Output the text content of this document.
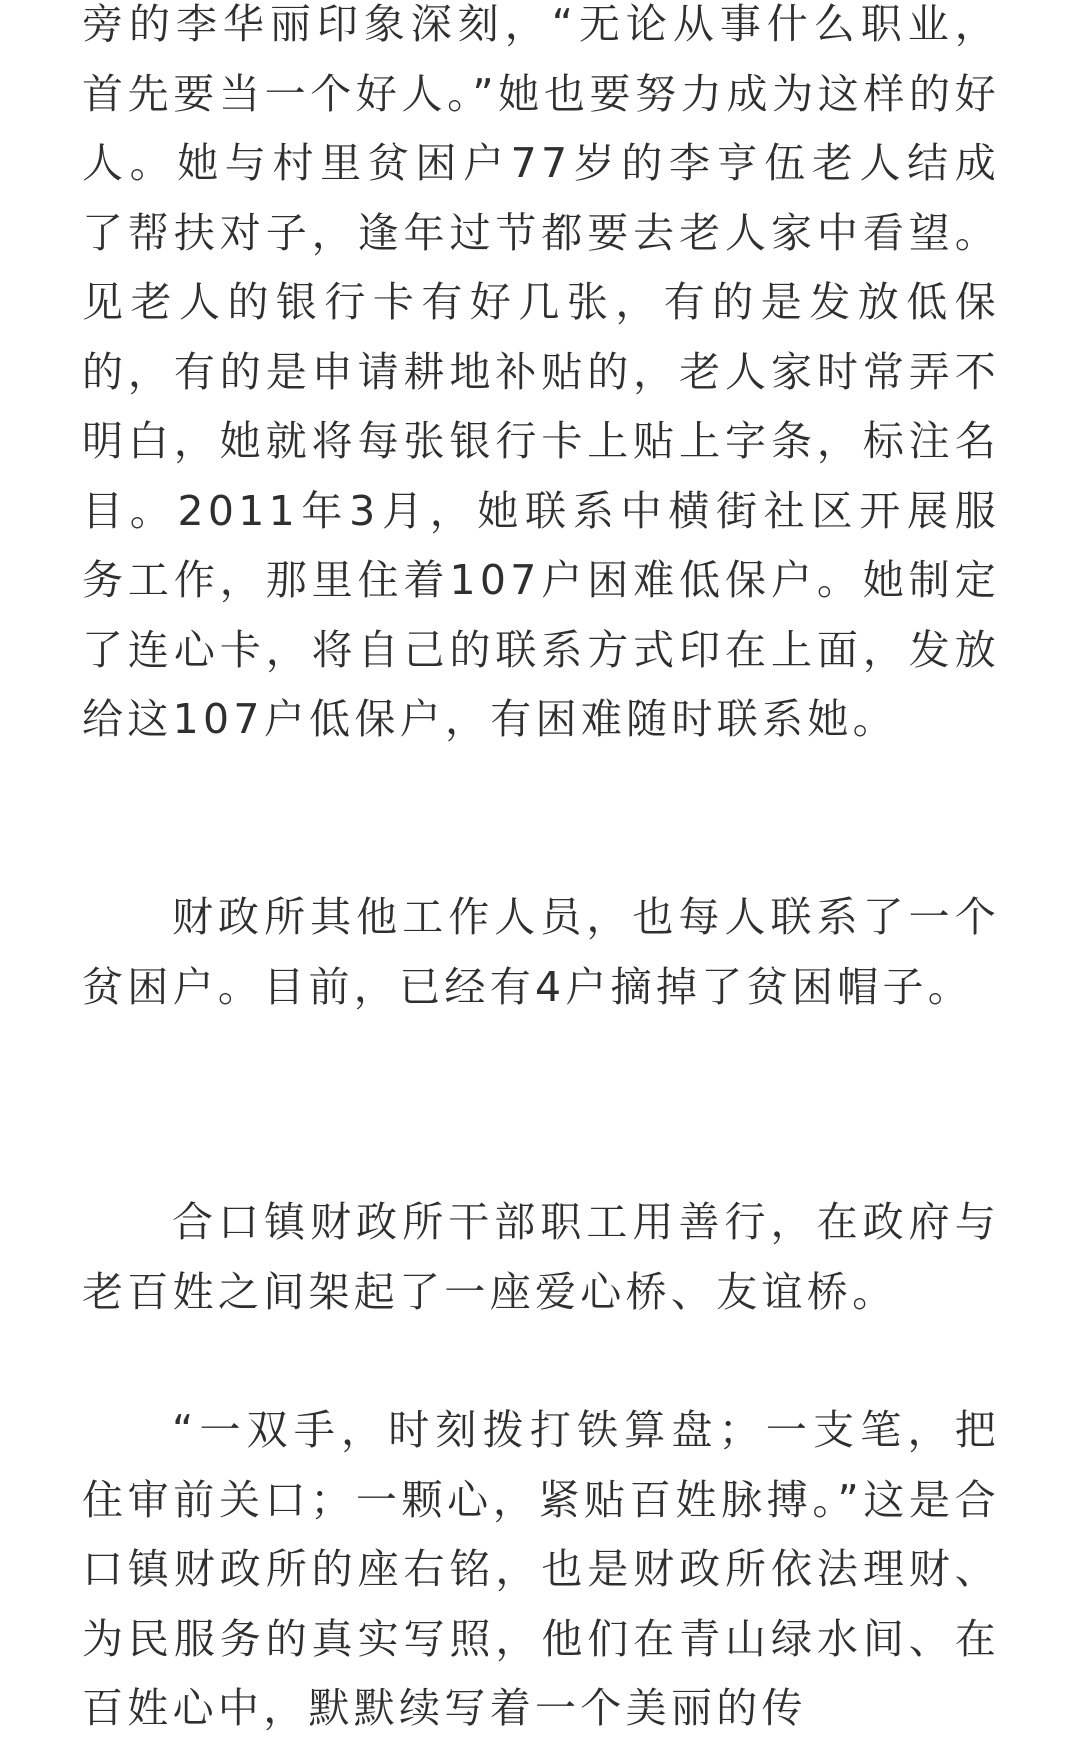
旁的李华丽印象深刻，“无论从事什么职业，首先要当一个好人。”她也要努力成为这样的好人。她与村里贫困户77岁的李亨伍老人结成了帮扶对子，逢年过节都要去老人家中看望。见老人的银行卡有好几张，有的是发放低保的，有的是申请耕地补贴的，老人家时常弄不明白，她就将每张银行卡上贴上字条，标注名目。2011年3月，她联系中横街社区开展服务工作，那里住着107户困难低保户。她制定了连心卡，将自己的联系方式印在上面，发放给这107户低保户，有困难随时联系她。

财政所其他工作人员，也每人联系了一个贫困户。目前，已经有4户摘掉了贫困帽子。

合口镇财政所干部职工用善行，在政府与老百姓之间架起了一座爱心桥、友谊桥。

“一双手，时刻拨打铁算盘；一支笔，把住审前关口；一颗心，紧贴百姓脉搏。”这是合口镇财政所的座右铭，也是财政所依法理财、为民服务的真实写照，他们在青山绿水间、在百姓心中，默默续写着一个美丽的传
